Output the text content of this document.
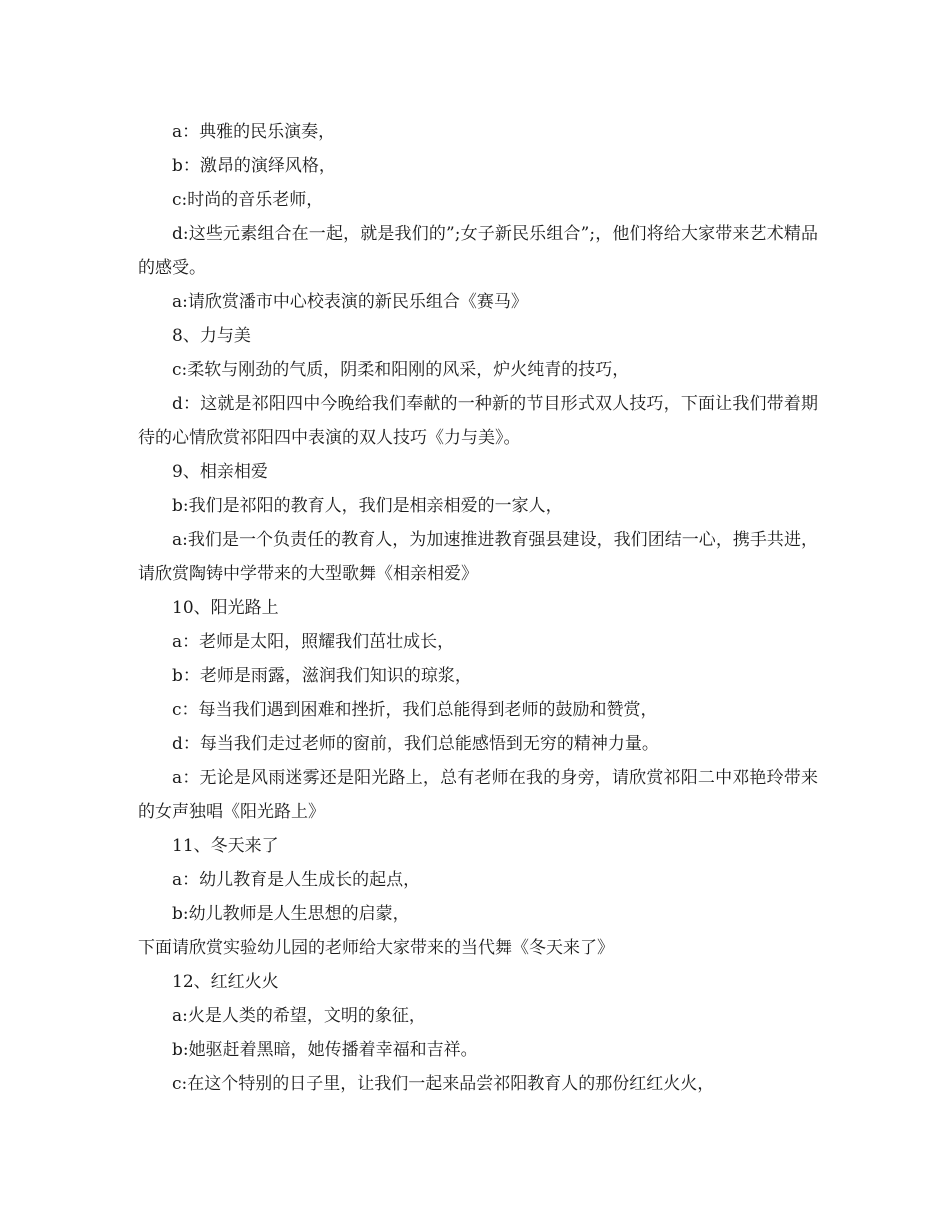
a：典雅的民乐演奏，

b：激昂的演绎风格，

c:时尚的音乐老师，

d:这些元素组合在一起，就是我们的”;女子新民乐组合”;，他们将给大家带来艺术精品的感受。

a:请欣赏潘市中心校表演的新民乐组合《赛马》

8、力与美

c:柔软与刚劲的气质，阴柔和阳刚的风采，炉火纯青的技巧，

d：这就是祁阳四中今晚给我们奉献的一种新的节目形式双人技巧，下面让我们带着期待的心情欣赏祁阳四中表演的双人技巧《力与美》。

9、相亲相爱

b:我们是祁阳的教育人，我们是相亲相爱的一家人，

a:我们是一个负责任的教育人，为加速推进教育强县建设，我们团结一心，携手共进，请欣赏陶铸中学带来的大型歌舞《相亲相爱》

10、阳光路上

a：老师是太阳，照耀我们茁壮成长，

b：老师是雨露，滋润我们知识的琼浆，

c：每当我们遇到困难和挫折，我们总能得到老师的鼓励和赞赏，

d：每当我们走过老师的窗前，我们总能感悟到无穷的精神力量。

a：无论是风雨迷雾还是阳光路上，总有老师在我的身旁，请欣赏祁阳二中邓艳玲带来的女声独唱《阳光路上》

11、冬天来了

a：幼儿教育是人生成长的起点，

b:幼儿教师是人生思想的启蒙，

下面请欣赏实验幼儿园的老师给大家带来的当代舞《冬天来了》

12、红红火火

a:火是人类的希望，文明的象征，

b:她驱赶着黑暗，她传播着幸福和吉祥。

c:在这个特别的日子里，让我们一起来品尝祁阳教育人的那份红红火火，
